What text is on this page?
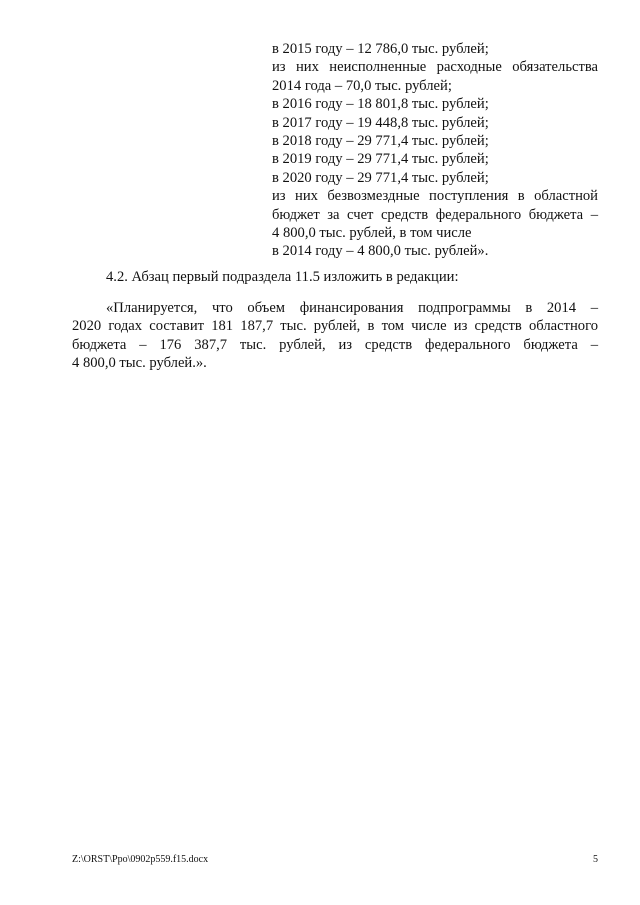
в 2015 году – 12 786,0 тыс. рублей;
из них неисполненные расходные обязательства
2014 года – 70,0 тыс. рублей;
в 2016 году – 18 801,8 тыс. рублей;
в 2017 году – 19 448,8 тыс. рублей;
в 2018 году – 29 771,4 тыс. рублей;
в 2019 году – 29 771,4 тыс. рублей;
в 2020 году – 29 771,4 тыс. рублей;
из них безвозмездные поступления в областной
бюджет за счет средств федерального бюджета –
4 800,0 тыс. рублей, в том числе
в 2014 году – 4 800,0 тыс. рублей».
4.2. Абзац первый подраздела 11.5 изложить в редакции:
«Планируется, что объем финансирования подпрограммы в 2014 –
2020 годах составит 181 187,7 тыс. рублей, в том числе из средств областного
бюджета – 176 387,7 тыс. рублей, из средств федерального бюджета –
4 800,0 тыс. рублей.».
Z:\ORST\Ppo\0902p559.f15.docx	5
